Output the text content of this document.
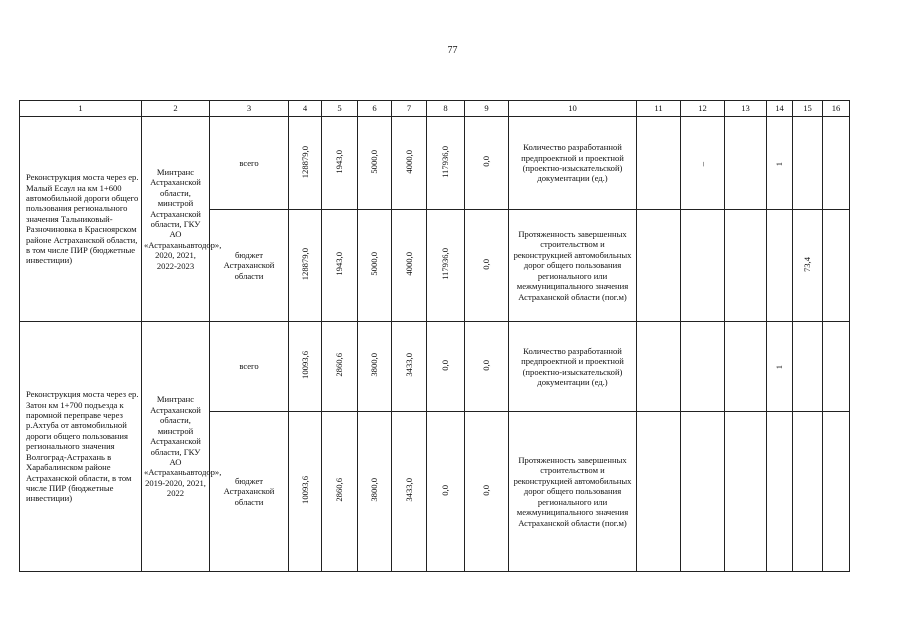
77
1	2	3	4	5	6	7	8	9	10	11	12	13	14	15	16
Реконструкция моста через ер. Малый Есаул на км 1+600 автомобильной дороги общего пользования регионального значения Тальниковый-Разночиновка в Красноярском районе Астраханской области, в том числе ПИР (бюджетные инвестиции)	Минтранс Астраханской области, минстрой Астраханской области, ГКУ АО «Астраханьавтодор», 2020, 2021, 2022-2023	всего	128879,0	1943,0	5000,0	4000,0	117936,0	0,0	Количество разработанной предпроектной и проектной (проектно-изыскательской) документации (ед.)		–		1		
		бюджет Астраханской области	128879,0	1943,0	5000,0	4000,0	117936,0	0,0	Протяженность завершенных строительством и реконструкцией автомобильных дорог общего пользования регионального или межмуниципального значения Астраханской области (пог.м)					73,4	
Реконструкция моста через ер. Затон км 1+700 подъезда к паромной переправе через р.Ахтуба от автомобильной дороги общего пользования регионального значения Волгоград-Астрахань в Харабалинском районе Астраханской области, в том числе ПИР (бюджетные инвестиции)	Минтранс Астраханской области, минстрой Астраханской области, ГКУ АО «Астраханьавтодор», 2019-2020, 2021, 2022	всего	10093,6	2860,6	3800,0	3433,0	0,0	0,0	Количество разработанной предпроектной и проектной (проектно-изыскательской) документации (ед.)				1		
		бюджет Астраханской области	10093,6	2860,6	3800,0	3433,0	0,0	0,0	Протяженность завершенных строительством и реконструкцией автомобильных дорог общего пользования регионального или межмуниципального значения Астраханской области (пог.м)						
